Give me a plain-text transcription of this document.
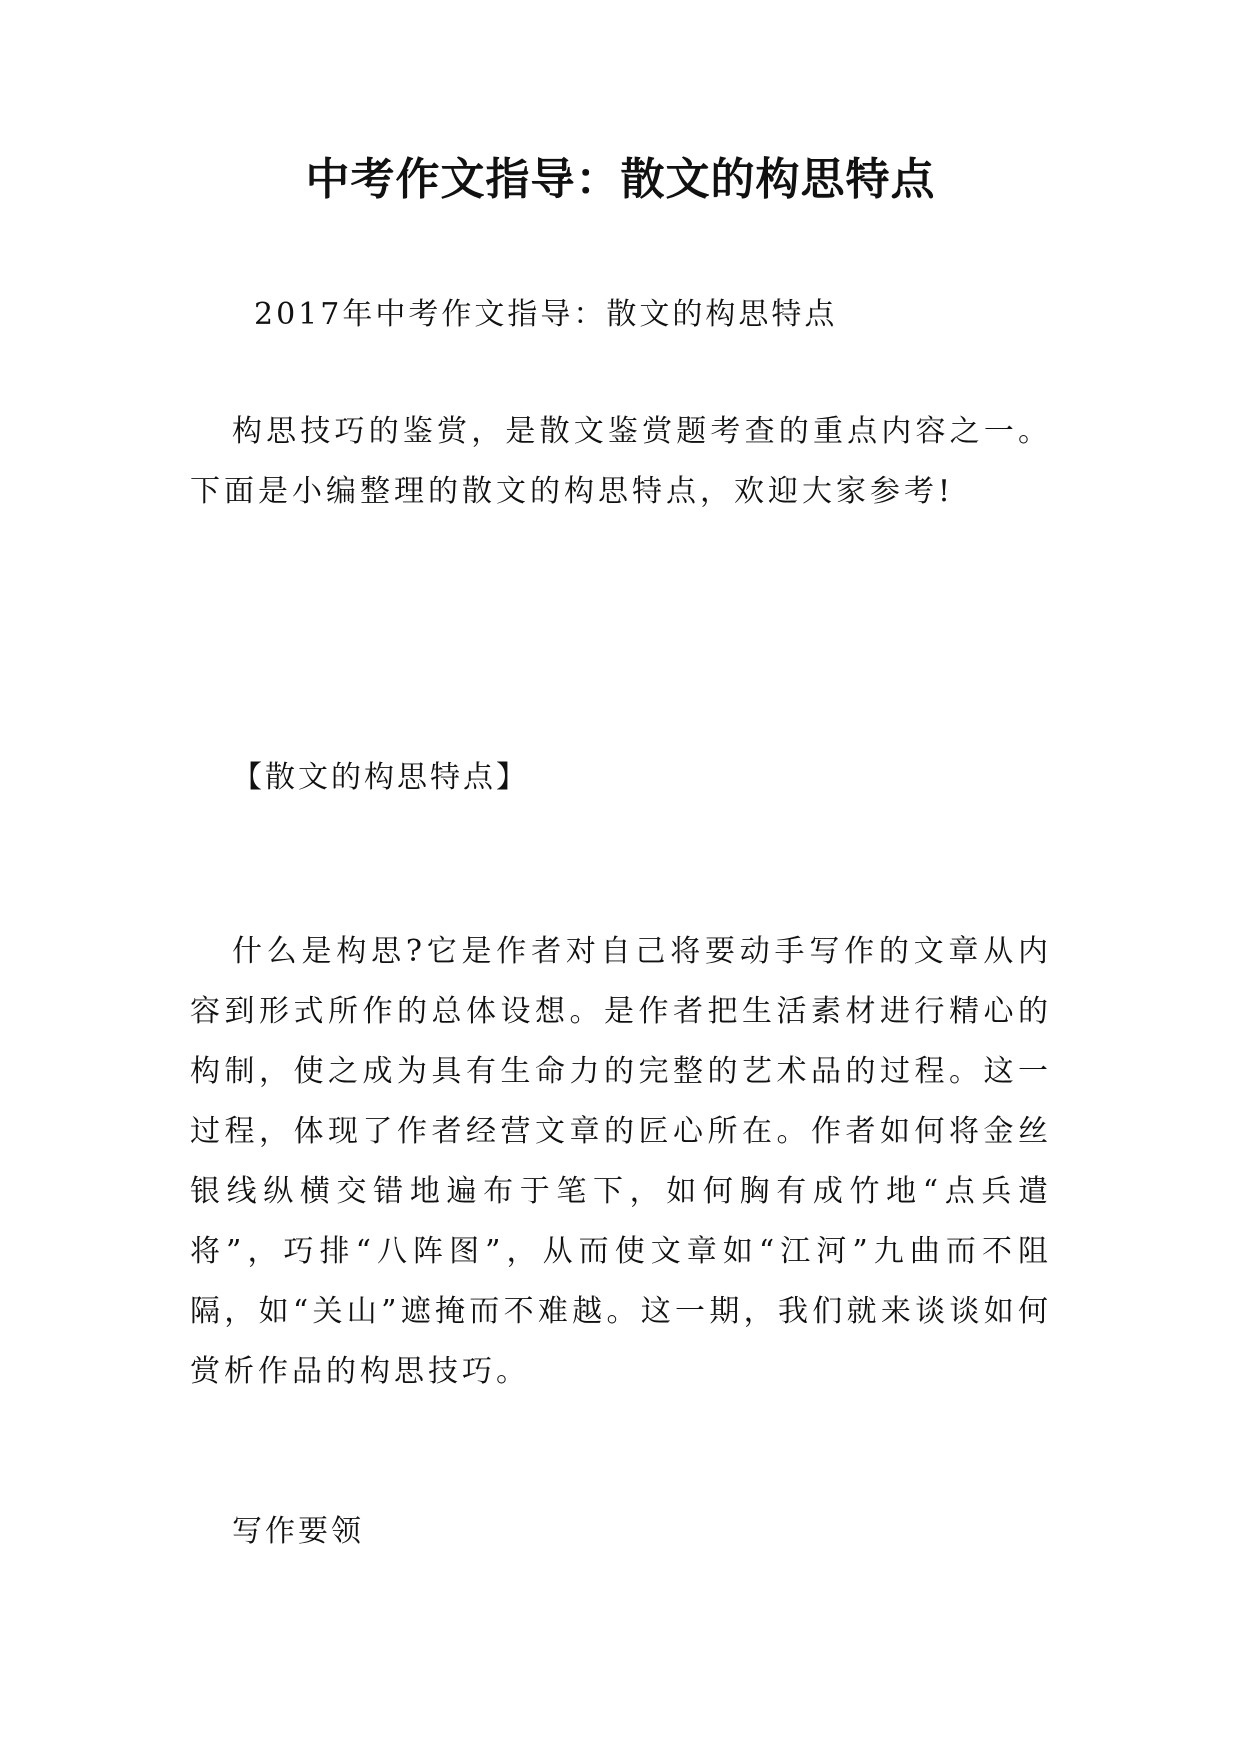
中考作文指导：散文的构思特点
2017年中考作文指导：散文的构思特点

构思技巧的鉴赏，是散文鉴赏题考查的重点内容之一。下面是小编整理的散文的构思特点，欢迎大家参考!

【散文的构思特点】

什么是构思?它是作者对自己将要动手写作的文章从内容到形式所作的总体设想。是作者把生活素材进行精心的构制，使之成为具有生命力的完整的艺术品的过程。这一过程，体现了作者经营文章的匠心所在。作者如何将金丝银线纵横交错地遍布于笔下，如何胸有成竹地“点兵遣将”，巧排“八阵图”，从而使文章如“江河”九曲而不阻隔，如“关山”遮掩而不难越。这一期，我们就来谈谈如何赏析作品的构思技巧。

写作要领
